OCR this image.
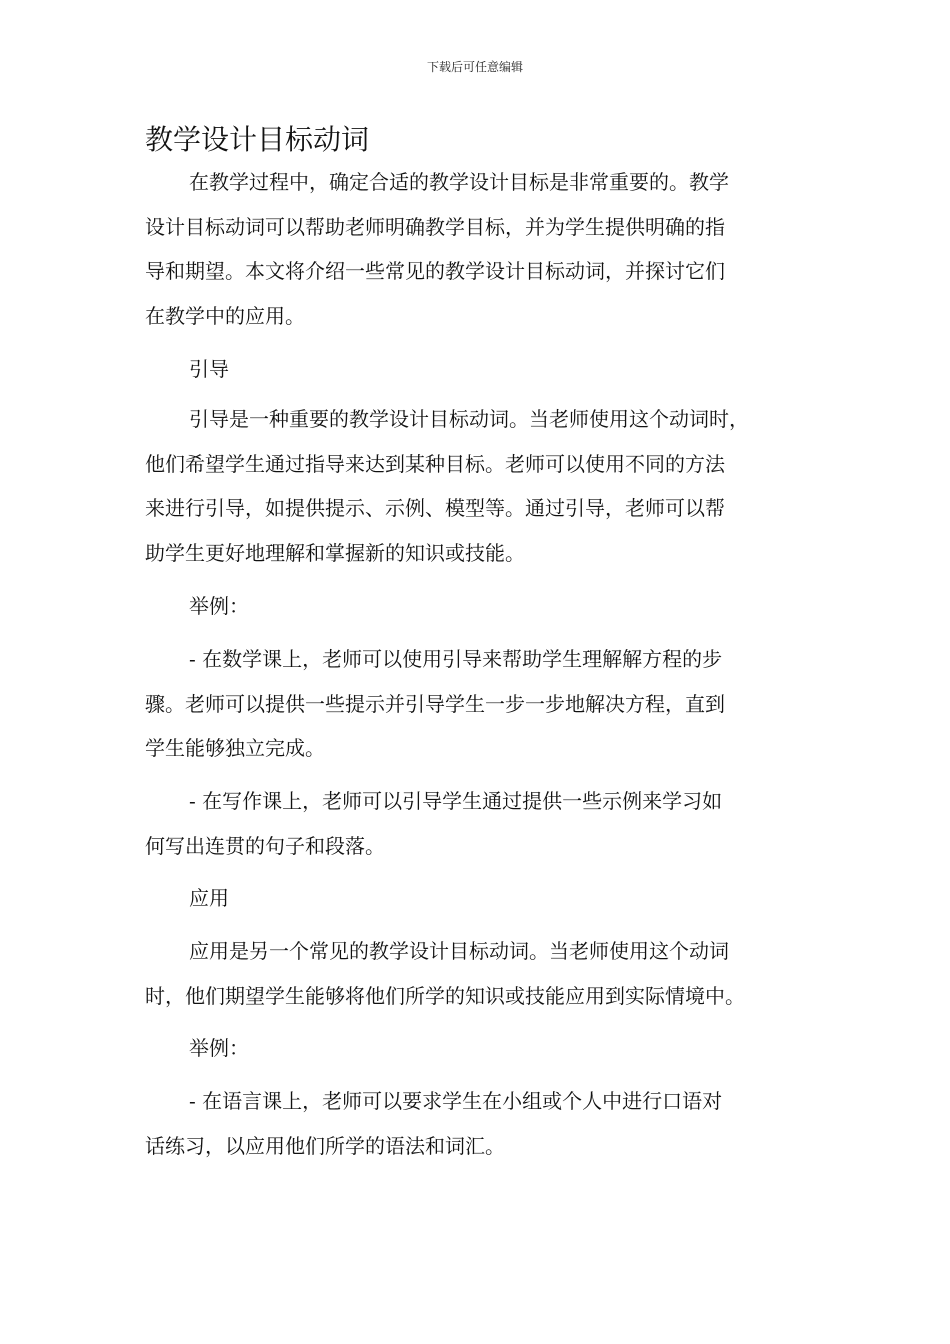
下载后可任意编辑
教学设计目标动词

在教学过程中，确定合适的教学设计目标是非常重要的。教学
设计目标动词可以帮助老师明确教学目标，并为学生提供明确的指
导和期望。本文将介绍一些常见的教学设计目标动词，并探讨它们
在教学中的应用。

引导

引导是一种重要的教学设计目标动词。当老师使用这个动词时，
他们希望学生通过指导来达到某种目标。老师可以使用不同的方法
来进行引导，如提供提示、示例、模型等。通过引导，老师可以帮
助学生更好地理解和掌握新的知识或技能。

举例：

- 在数学课上，老师可以使用引导来帮助学生理解解方程的步
骤。老师可以提供一些提示并引导学生一步一步地解决方程，直到
学生能够独立完成。

- 在写作课上，老师可以引导学生通过提供一些示例来学习如
何写出连贯的句子和段落。

应用

应用是另一个常见的教学设计目标动词。当老师使用这个动词
时，他们期望学生能够将他们所学的知识或技能应用到实际情境中。

举例：

- 在语言课上，老师可以要求学生在小组或个人中进行口语对
话练习，以应用他们所学的语法和词汇。
